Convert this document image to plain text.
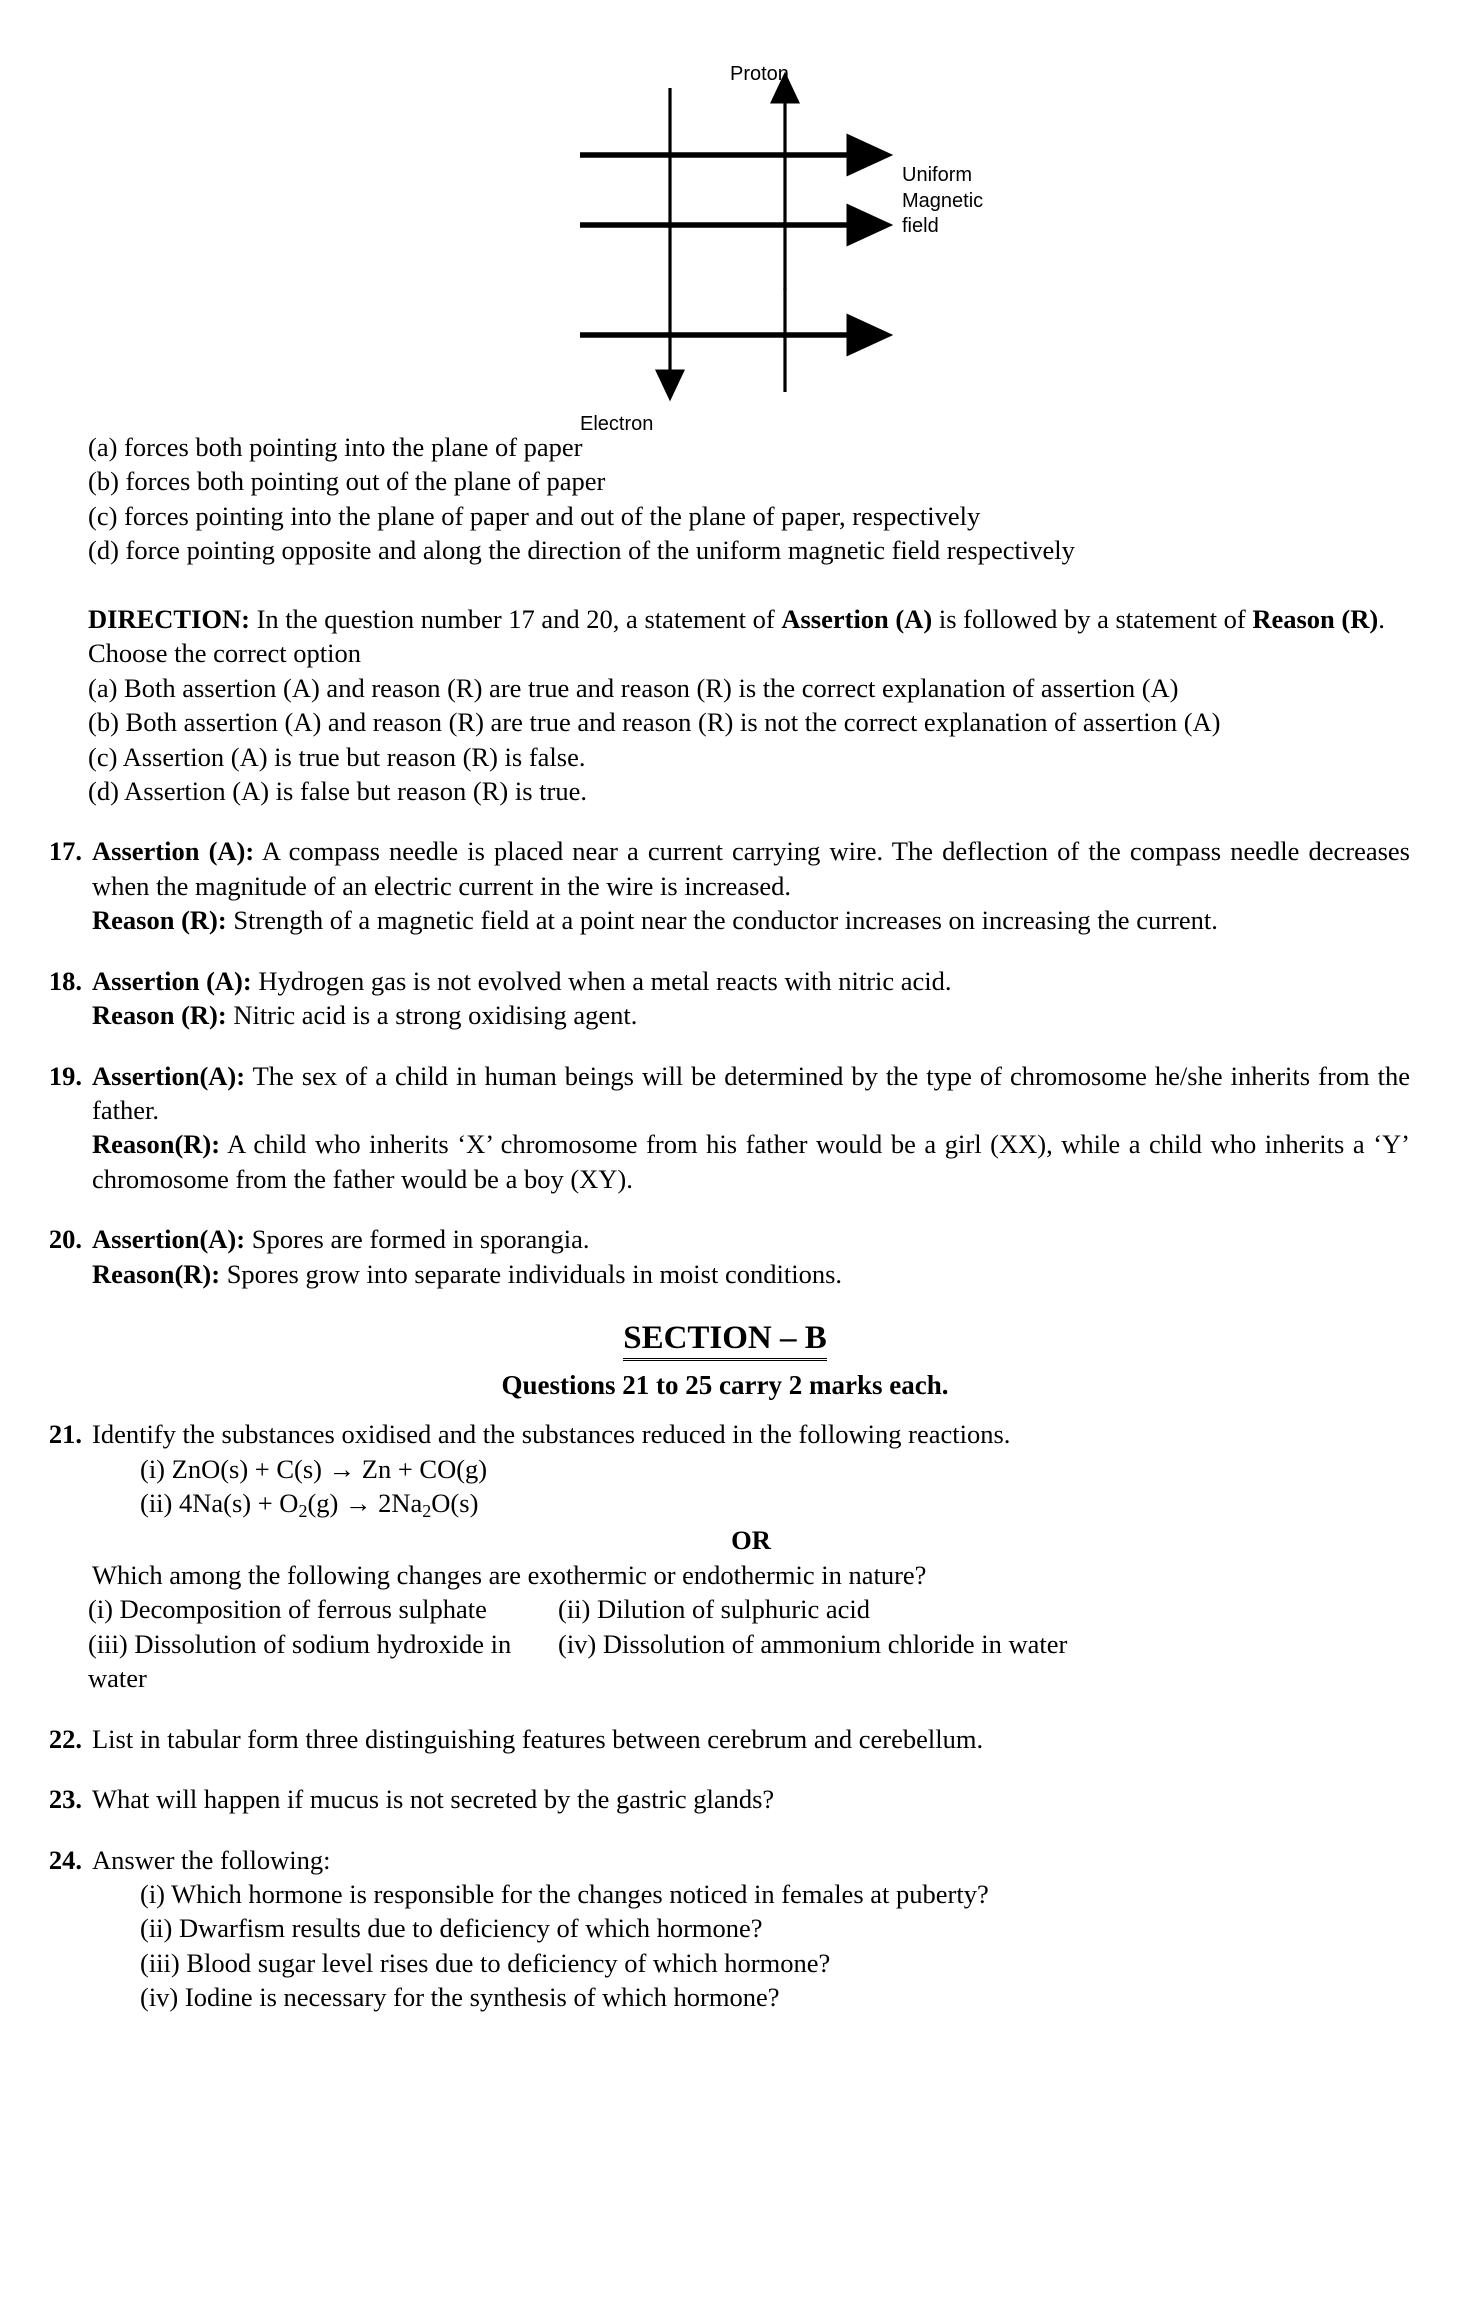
Proton
Uniform
Magnetic
field
Electron

(a) forces both pointing into the plane of paper

(b) forces both pointing out of the plane of paper

(c) forces pointing into the plane of paper and out of the plane of paper, respectively

(d) force pointing opposite and along the direction of the uniform magnetic field respectively

DIRECTION: In the question number 17 and 20, a statement of Assertion (A) is followed by a statement of Reason (R).

Choose the correct option

(a) Both assertion (A) and reason (R) are true and reason (R) is the correct explanation of assertion (A)

(b) Both assertion (A) and reason (R) are true and reason (R) is not the correct explanation of assertion (A)

(c) Assertion (A) is true but reason (R) is false.

(d) Assertion (A) is false but reason (R) is true.

17. Assertion (A): A compass needle is placed near a current carrying wire. The deflection of the compass needle decreases when the magnitude of an electric current in the wire is increased.

Reason (R): Strength of a magnetic field at a point near the conductor increases on increasing the current.

18. Assertion (A): Hydrogen gas is not evolved when a metal reacts with nitric acid.

Reason (R): Nitric acid is a strong oxidising agent.

19. Assertion(A): The sex of a child in human beings will be determined by the type of chromosome he/she inherits from the father.

Reason(R): A child who inherits ‘X’ chromosome from his father would be a girl (XX), while a child who inherits a ‘Y’ chromosome from the father would be a boy (XY).

20. Assertion(A): Spores are formed in sporangia.

Reason(R): Spores grow into separate individuals in moist conditions.

SECTION – B
Questions 21 to 25 carry 2 marks each.
21. Identify the substances oxidised and the substances reduced in the following reactions.

(i) ZnO(s) + C(s) → Zn + CO(g)

(ii) $4Na(s) + O_2(g) \to 2Na_2O(s)$

OR

Which among the following changes are exothermic or endothermic in nature?

(i) Decomposition of ferrous sulphate	(ii) Dilution of sulphuric acid
(iii) Dissolution of sodium hydroxide in water
(iv) Dissolution of ammonium chloride in water
22. List in tabular form three distinguishing features between cerebrum and cerebellum.

23. What will happen if mucus is not secreted by the gastric glands?

24. Answer the following:

(i) Which hormone is responsible for the changes noticed in females at puberty?

(ii) Dwarfism results due to deficiency of which hormone?

(iii) Blood sugar level rises due to deficiency of which hormone?

(iv) Iodine is necessary for the synthesis of which hormone?
